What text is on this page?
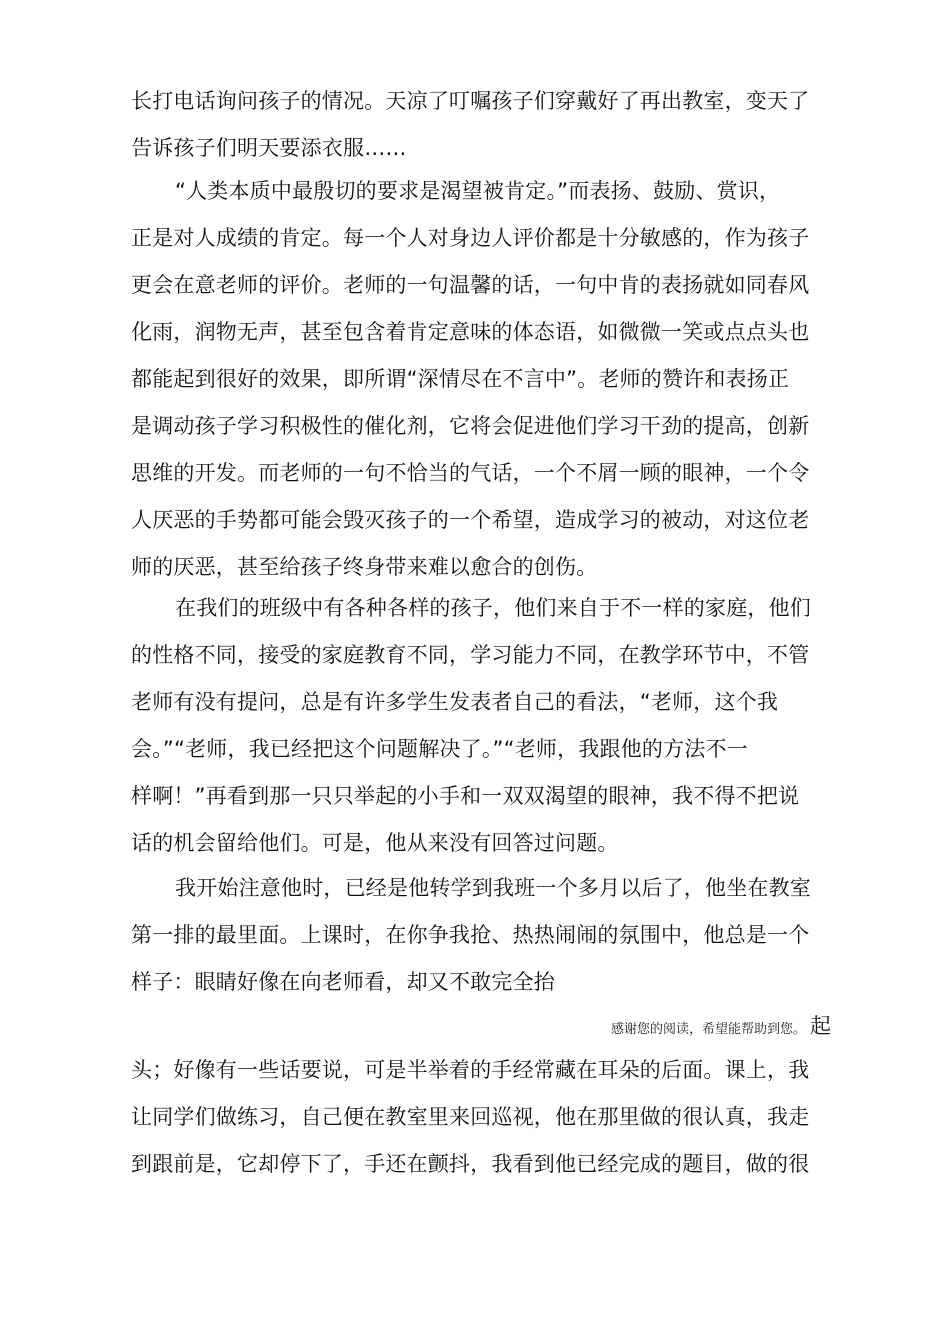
长打电话询问孩子的情况。天凉了叮嘱孩子们穿戴好了再出教室，变天了
告诉孩子们明天要添衣服……
“人类本质中最殷切的要求是渴望被肯定。”而表扬、鼓励、赏识，
正是对人成绩的肯定。每一个人对身边人评价都是十分敏感的，作为孩子
更会在意老师的评价。老师的一句温馨的话，一句中肯的表扬就如同春风
化雨，润物无声，甚至包含着肯定意味的体态语，如微微一笑或点点头也
都能起到很好的效果，即所谓“深情尽在不言中”。老师的赞许和表扬正
是调动孩子学习积极性的催化剂，它将会促进他们学习干劲的提高，创新
思维的开发。而老师的一句不恰当的气话，一个不屑一顾的眼神，一个令
人厌恶的手势都可能会毁灭孩子的一个希望，造成学习的被动，对这位老
师的厌恶，甚至给孩子终身带来难以愈合的创伤。
在我们的班级中有各种各样的孩子，他们来自于不一样的家庭，他们
的性格不同，接受的家庭教育不同，学习能力不同，在教学环节中，不管
老师有没有提问，总是有许多学生发表者自己的看法，“老师，这个我
会。”“老师，我已经把这个问题解决了。”“老师，我跟他的方法不一
样啊！”再看到那一只只举起的小手和一双双渴望的眼神，我不得不把说
话的机会留给他们。可是，他从来没有回答过问题。
我开始注意他时，已经是他转学到我班一个多月以后了，他坐在教室
第一排的最里面。上课时，在你争我抢、热热闹闹的氛围中，他总是一个
样子：眼睛好像在向老师看，却又不敢完全抬
感谢您的阅读，希望能帮助到您。 起
头；好像有一些话要说，可是半举着的手经常藏在耳朵的后面。课上，我
让同学们做练习，自己便在教室里来回巡视，他在那里做的很认真，我走
到跟前是，它却停下了，手还在颤抖，我看到他已经完成的题目，做的很
